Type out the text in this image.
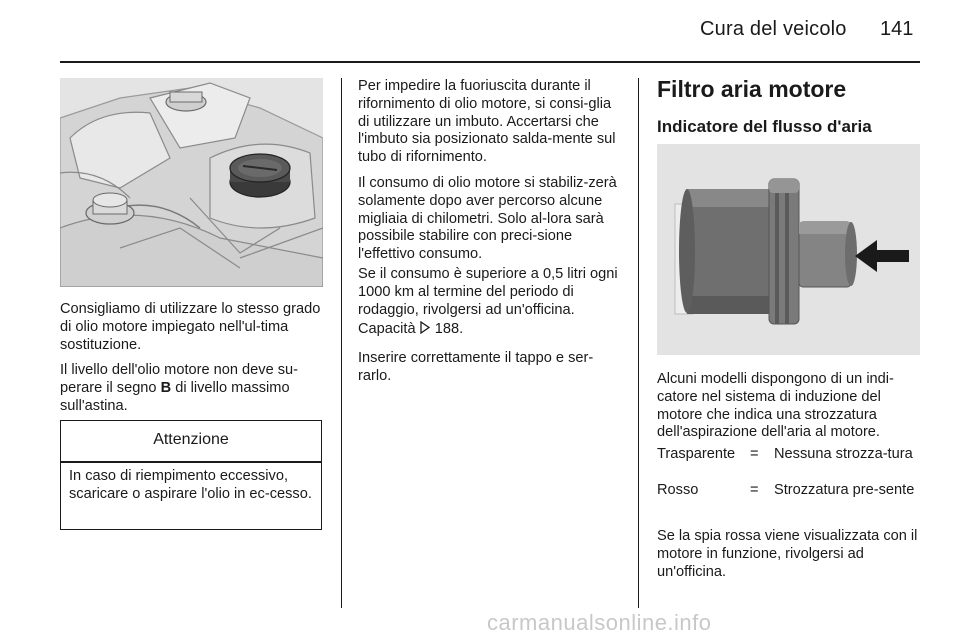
Cura del veicolo 141

Consigliamo di utilizzare lo stesso grado di olio motore impiegato nell'ul-tima sostituzione.

Il livello dell'olio motore non deve su-perare il segno B di livello massimo sull'astina.

Attenzione
In caso di riempimento eccessivo, scaricare o aspirare l'olio in ec-cesso.

Per impedire la fuoriuscita durante il rifornimento di olio motore, si consi-glia di utilizzare un imbuto. Accertarsi che l'imbuto sia posizionato salda-mente sul tubo di rifornimento.

Il consumo di olio motore si stabiliz-zerà solamente dopo aver percorso alcune migliaia di chilometri. Solo al-lora sarà possibile stabilire con preci-sione l'effettivo consumo.

Se il consumo è superiore a 0,5 litri ogni 1000 km al termine del periodo di rodaggio, rivolgersi ad un'officina.

Capacità 188.

Inserire correttamente il tappo e ser-rarlo.

Filtro aria motore
Indicatore del flusso d'aria

Alcuni modelli dispongono di un indi-catore nel sistema di induzione del motore che indica una strozzatura dell'aspirazione dell'aria al motore.

Trasparente = Nessuna strozza-tura
Rosso	= Strozzatura pre-sente

Se la spia rossa viene visualizzata con il motore in funzione, rivolgersi ad un'officina.

carmanualsonline.info
